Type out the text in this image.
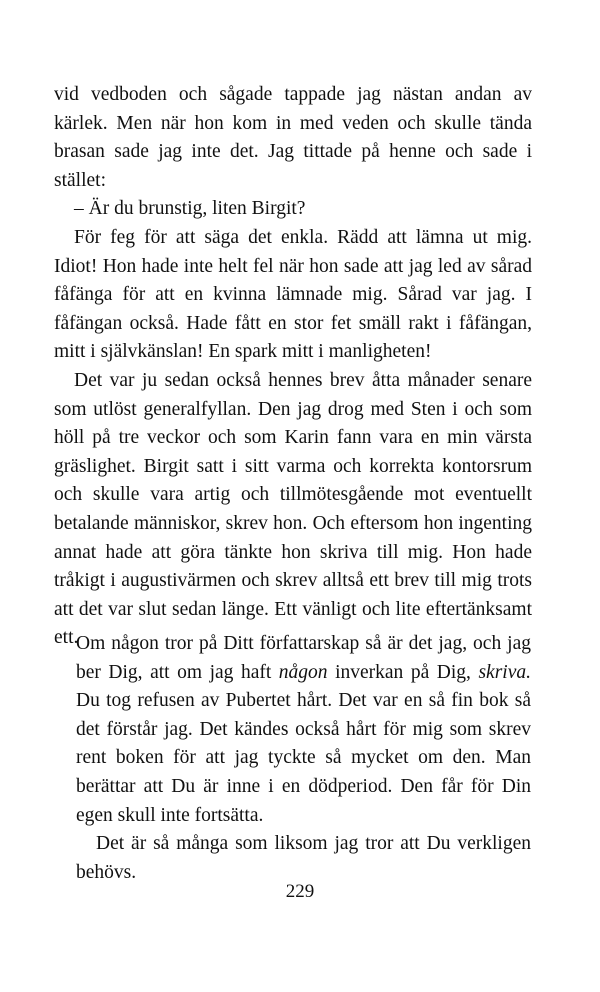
vid vedboden och sågade tappade jag nästan andan av kärlek. Men när hon kom in med veden och skulle tända brasan sade jag inte det. Jag tittade på henne och sade i stället:

– Är du brunstig, liten Birgit?

För feg för att säga det enkla. Rädd att lämna ut mig. Idiot! Hon hade inte helt fel när hon sade att jag led av sårad fåfänga för att en kvinna lämnade mig. Sårad var jag. I fåfängan också. Hade fått en stor fet smäll rakt i fåfängan, mitt i självkänslan! En spark mitt i manligheten!

Det var ju sedan också hennes brev åtta månader senare som utlöst generalfyllan. Den jag drog med Sten i och som höll på tre veckor och som Karin fann vara en min värsta gräslighet. Birgit satt i sitt varma och korrekta kontorsrum och skulle vara artig och tillmötesgående mot eventuellt betalande människor, skrev hon. Och eftersom hon ingenting annat hade att göra tänkte hon skriva till mig. Hon hade tråkigt i augustivärmen och skrev alltså ett brev till mig trots att det var slut sedan länge. Ett vänligt och lite eftertänksamt ett.

Om någon tror på Ditt författarskap så är det jag, och jag ber Dig, att om jag haft någon inverkan på Dig, skriva. Du tog refusen av Pubertet hårt. Det var en så fin bok så det förstår jag. Det kändes också hårt för mig som skrev rent boken för att jag tyckte så mycket om den. Man berättar att Du är inne i en dödperiod. Den får för Din egen skull inte fortsätta.

Det är så många som liksom jag tror att Du verkligen behövs.

229
